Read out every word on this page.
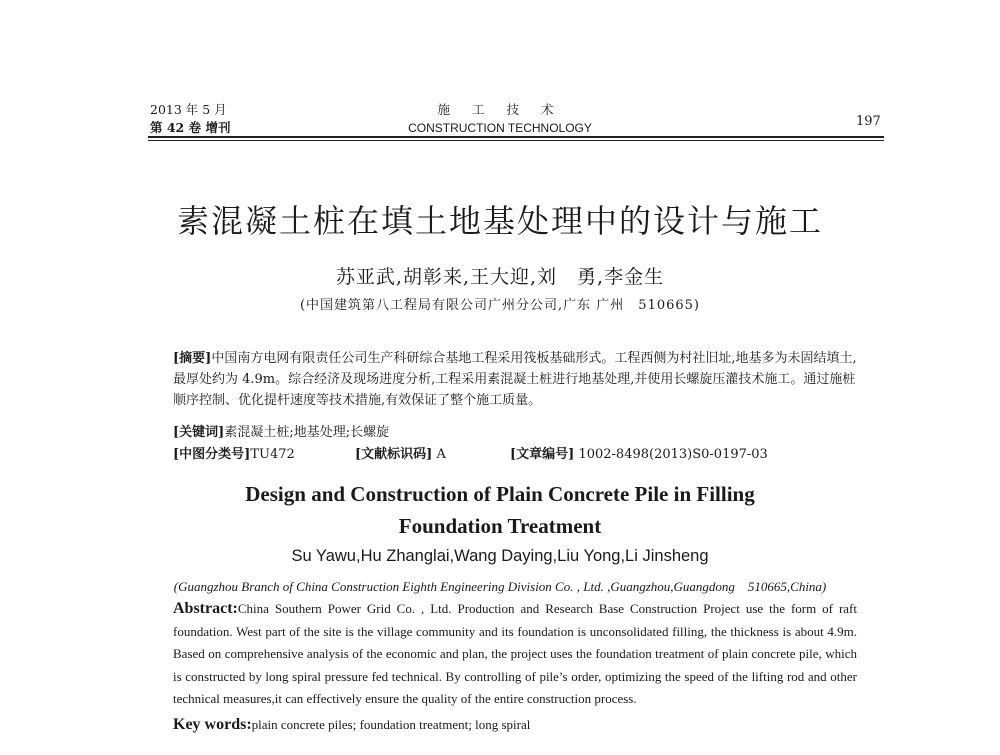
2013 年 5 月
第 42 卷 增刊
施 工 技 术
CONSTRUCTION TECHNOLOGY	197
素混凝土桩在填土地基处理中的设计与施工
苏亚武,胡彰来,王大迎,刘　勇,李金生
(中国建筑第八工程局有限公司广州分公司,广东 广州　510665)

[摘要]中国南方电网有限责任公司生产科研综合基地工程采用筏板基础形式。工程西侧为村社旧址,地基多为未固结填土,最厚处约为 4.9m。综合经济及现场进度分析,工程采用素混凝土桩进行地基处理,并使用长螺旋压灌技术施工。通过施桩顺序控制、优化提杆速度等技术措施,有效保证了整个施工质量。

[关键词]素混凝土桩;地基处理;长螺旋
[中图分类号]TU472	[文献标识码] A	[文章编号] 1002-8498(2013)S0-0197-03
Design and Construction of Plain Concrete Pile in Filling
Foundation Treatment
Su Yawu,Hu Zhanglai,Wang Daying,Liu Yong,Li Jinsheng
(Guangzhou Branch of China Construction Eighth Engineering Division Co. , Ltd. ,Guangzhou,Guangdong　510665,China)
Abstract:China Southern Power Grid Co. , Ltd. Production and Research Base Construction Project use the form of raft foundation. West part of the site is the village community and its foundation is unconsolidated filling, the thickness is about 4.9m. Based on comprehensive analysis of the economic and plan, the project uses the foundation treatment of plain concrete pile, which is constructed by long spiral pressure fed technical. By controlling of pile’s order, optimizing the speed of the lifting rod and other technical measures,it can effectively ensure the quality of the entire construction process.
Key words:plain concrete piles; foundation treatment; long spiral
